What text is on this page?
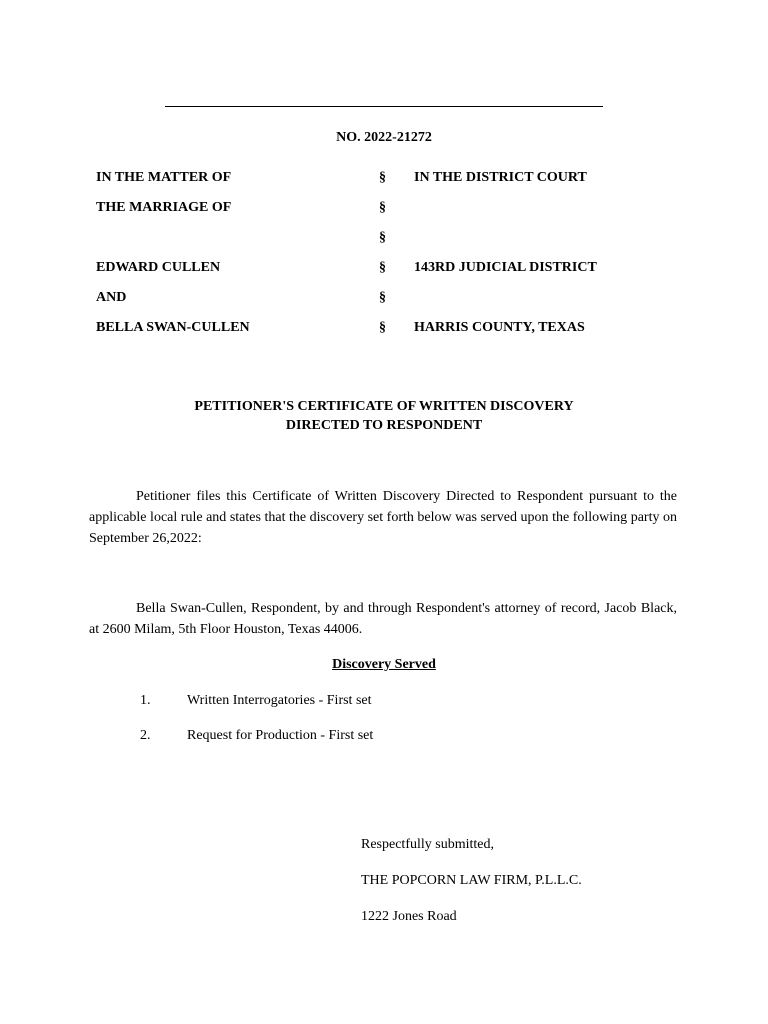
NO. 2022-21272
IN THE MATTER OF	§ IN THE DISTRICT COURT
THE MARRIAGE OF	§
§
EDWARD CULLEN	§ 143RD JUDICIAL DISTRICT
AND	§
BELLA SWAN-CULLEN	§ HARRIS COUNTY, TEXAS
PETITIONER'S CERTIFICATE OF WRITTEN DISCOVERY
DIRECTED TO RESPONDENT
Petitioner files this Certificate of Written Discovery Directed to Respondent pursuant to the applicable local rule and states that the discovery set forth below was served upon the following party on September 26,2022:
Bella Swan-Cullen, Respondent, by and through Respondent's attorney of record, Jacob Black, at 2600 Milam, 5th Floor Houston, Texas 44006.
Discovery Served
1.	Written Interrogatories - First set
2.	Request for Production - First set
Respectfully submitted,
THE POPCORN LAW FIRM, P.L.L.C.
1222 Jones Road
